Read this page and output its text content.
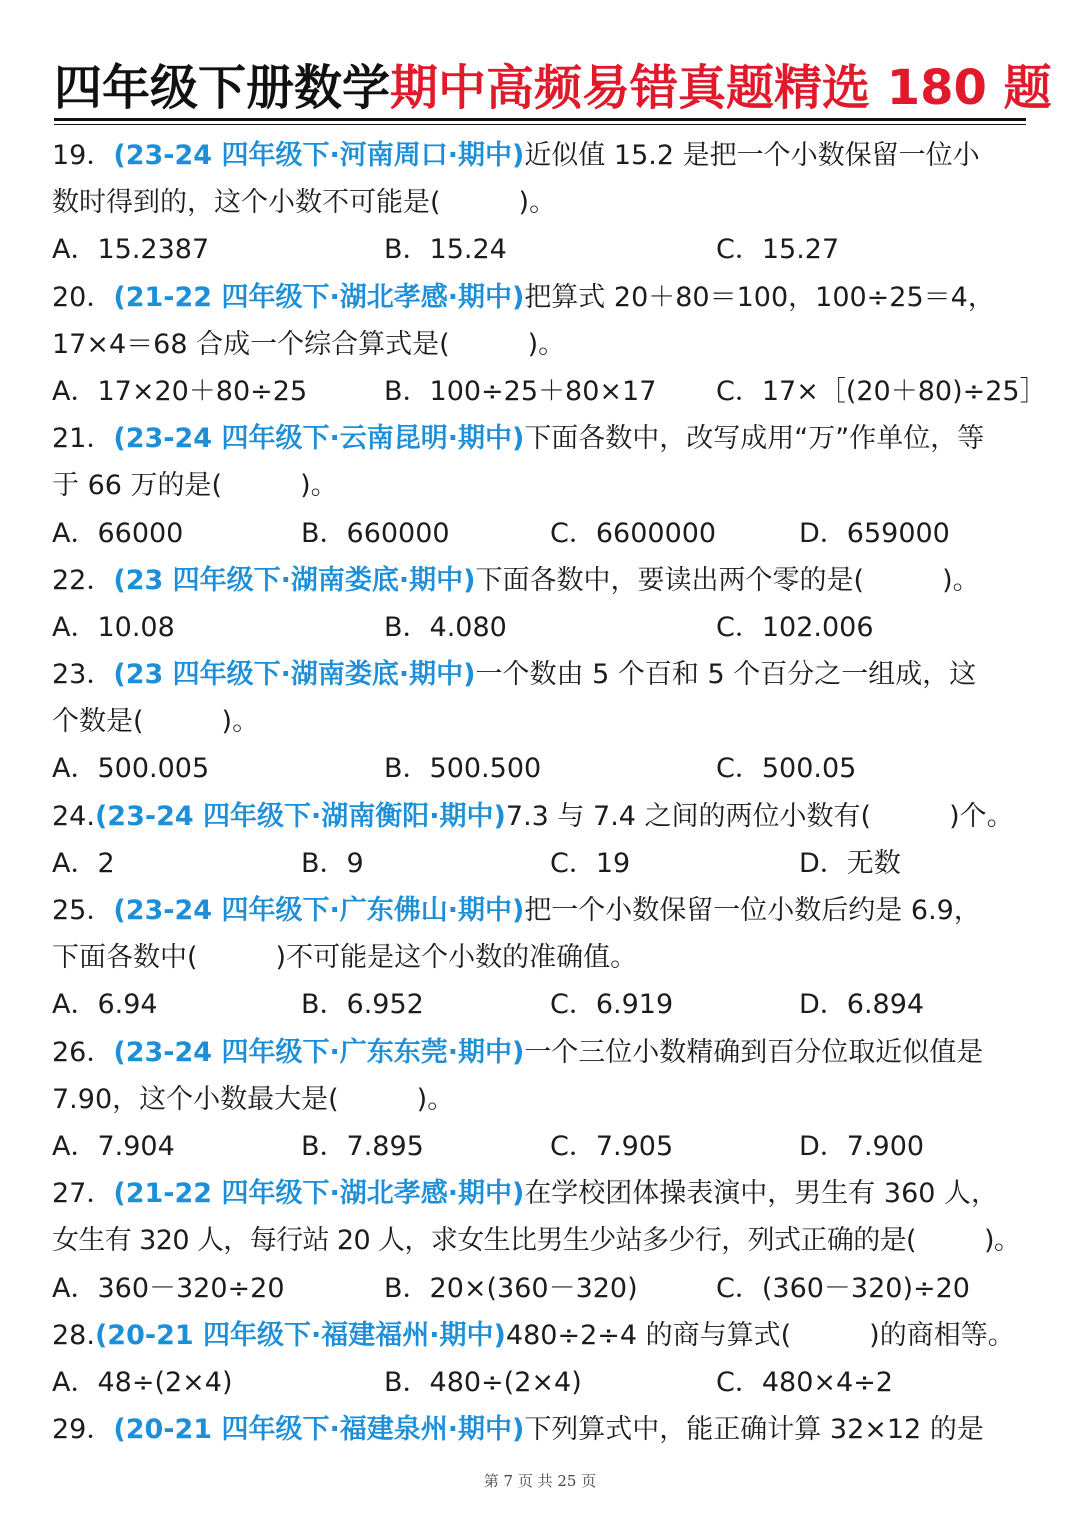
四年级下册数学期中高频易错真题精选 180 题
19．(23-24 四年级下·河南周口·期中)近似值 15.2 是把一个小数保留一位小
数时得到的，这个小数不可能是(	)。
A．15.2387	B．15.24	C．15.27
20．(21-22 四年级下·湖北孝感·期中)把算式 20＋80＝100，100÷25＝4，
17×4＝68 合成一个综合算式是(	)。
A．17×20＋80÷25	B．100÷25＋80×17 C．17×［(20＋80)÷25］
21．(23-24 四年级下·云南昆明·期中)下面各数中，改写成用“万”作单位，等
于 66 万的是(	)。
A．66000	B．660000	C．6600000	D．659000
22．(23 四年级下·湖南娄底·期中)下面各数中，要读出两个零的是(	)。
A．10.08	B．4.080	C．102.006
23．(23 四年级下·湖南娄底·期中)一个数由 5 个百和 5 个百分之一组成，这
个数是(	)。
A．500.005	B．500.500	C．500.05
24.(23-24 四年级下·湖南衡阳·期中)7.3 与 7.4 之间的两位小数有(	)个。
A．2	B．9	C．19	D．无数
25．(23-24 四年级下·广东佛山·期中)把一个小数保留一位小数后约是 6.9，
下面各数中(	)不可能是这个小数的准确值。
A．6.94	B．6.952	C．6.919	D．6.894
26．(23-24 四年级下·广东东莞·期中)一个三位小数精确到百分位取近似值是
7.90，这个小数最大是(	)。
A．7.904	B．7.895	C．7.905	D．7.900
27．(21-22 四年级下·湖北孝感·期中)在学校团体操表演中，男生有 360 人，
女生有 320 人，每行站 20 人，求女生比男生少站多少行，列式正确的是(	)。
A．360－320÷20	B．20×(360－320)	C．(360－320)÷20
28.(20-21 四年级下·福建福州·期中)480÷2÷4 的商与算式(	)的商相等。
A．48÷(2×4)	B．480÷(2×4)	C．480×4÷2
29．(20-21 四年级下·福建泉州·期中)下列算式中，能正确计算 32×12 的是
第 7 页 共 25 页
